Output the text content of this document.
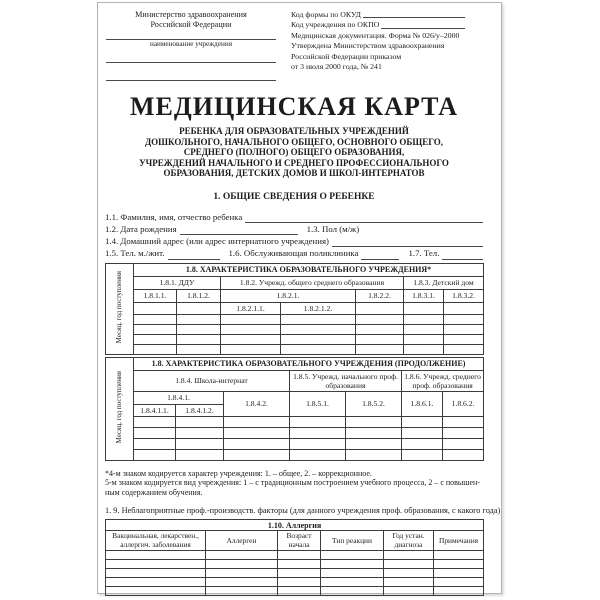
Министерство здравоохранения
Российской Федерации
наименование учреждения
Код формы по ОКУД
Код учреждения по ОКПО
Медицинская документация. Форма № 026/у–2000
Утверждена Министерством здравоохранения
Российской Федерации приказом
от 3 июля 2000 года, № 241
МЕДИЦИНСКАЯ КАРТА
РЕБЕНКА ДЛЯ ОБРАЗОВАТЕЛЬНЫХ УЧРЕЖДЕНИЙ
ДОШКОЛЬНОГО, НАЧАЛЬНОГО ОБЩЕГО, ОСНОВНОГО ОБЩЕГО,
СРЕДНЕГО (ПОЛНОГО) ОБЩЕГО ОБРАЗОВАНИЯ,
УЧРЕЖДЕНИЙ НАЧАЛЬНОГО И СРЕДНЕГО ПРОФЕССИОНАЛЬНОГО
ОБРАЗОВАНИЯ, ДЕТСКИХ ДОМОВ И ШКОЛ-ИНТЕРНАТОВ
1. ОБЩИЕ СВЕДЕНИЯ О РЕБЕНКЕ
1.1. Фамилия, имя, отчество ребенка
1.2. Дата рождения	1.3. Пол (м/ж)
1.4. Домашний адрес (или адрес интернатного учреждения)
1.5. Тел. м./жит.	1.6. Обслуживающая поликлиника	1.7. Тел.
Месяц, год поступления	1.8. ХАРАКТЕРИСТИКА ОБРАЗОВАТЕЛЬНОГО УЧРЕЖДЕНИЯ*						
	1.8.1. ДДУ		1.8.2. Учрежд. общего среднего образования			1.8.3. Детский дом	
	1.8.1.1.	1.8.1.2.	1.8.2.1.		1.8.2.2.	1.8.3.1.	1.8.3.2.
			1.8.2.1.1.	1.8.2.1.2.			

Месяц, год поступления	1.8. ХАРАКТЕРИСТИКА ОБРАЗОВАТЕЛЬНОГО УЧРЕЖДЕНИЯ (ПРОДОЛЖЕНИЕ)						
	1.8.4. Школа-интернат			1.8.5. Учрежд. начального проф. образования		1.8.6. Учрежд. среднего проф. образования	
	1.8.4.1.		1.8.4.2.	1.8.5.1.	1.8.5.2.	1.8.6.1.	1.8.6.2.
	1.8.4.1.1.	1.8.4.1.2.					

*4-м знаком кодируется характер учреждения: 1. – общее, 2. – коррекционное.
5-м знаком кодируется вид учреждения: 1 – с традиционным построением учебного процесса, 2 – с повышен-
ным содержанием обучения.
1. 9. Неблагоприятные проф.-производств. факторы (для данного учреждения проф. образования, с какого года)
1.10. Аллергия					
Вакцинальная, лекарствен., аллергич. заболевания	Аллерген	Возраст начала	Тип реакции	Год устан. диагноза	Примечания
